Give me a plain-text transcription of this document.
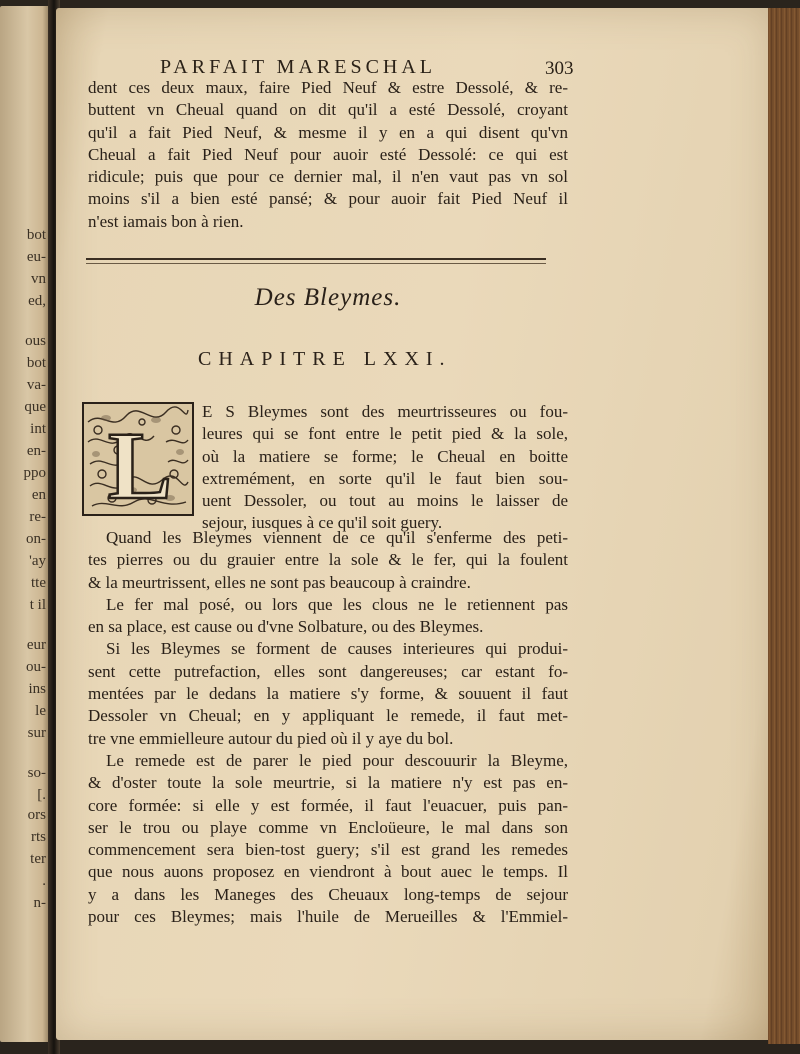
bot
eu-
vn
ed,
ous
bot
va-
que
int
en-
ppo
en
re-
on-
'ay
tte
t il
eur
ou-
ins
le
sur
so-
[.
ors
rts
ter
.
n-
PARFAIT MARESCHAL	303
dent ces deux maux, faire Pied Neuf & estre Dessolé, & re-
buttent vn Cheual quand on dit qu'il a esté Dessolé, croyant
qu'il a fait Pied Neuf, & mesme il y en a qui disent qu'vn
Cheual a fait Pied Neuf pour auoir esté Dessolé: ce qui est
ridicule; puis que pour ce dernier mal, il n'en vaut pas vn sol
moins s'il a bien esté pansé; & pour auoir fait Pied Neuf il
n'est iamais bon à rien.
Des Bleymes.
CHAPITRE LXXI.
L
E S Bleymes sont des meurtrisseures ou fou-
leures qui se font entre le petit pied & la sole,
où la matiere se forme; le Cheual en boitte
extremément, en sorte qu'il le faut bien sou-
uent Dessoler, ou tout au moins le laisser de
sejour, iusques à ce qu'il soit guery.
Quand les Bleymes viennent de ce qu'il s'enferme des peti-
tes pierres ou du grauier entre la sole & le fer, qui la foulent
& la meurtrissent, elles ne sont pas beaucoup à craindre.
Le fer mal posé, ou lors que les clous ne le retiennent pas
en sa place, est cause ou d'vne Solbature, ou des Bleymes.
Si les Bleymes se forment de causes interieures qui produi-
sent cette putrefaction, elles sont dangereuses; car estant fo-
mentées par le dedans la matiere s'y forme, & souuent il faut
Dessoler vn Cheual; en y appliquant le remede, il faut met-
tre vne emmielleure autour du pied où il y aye du bol.
Le remede est de parer le pied pour descouurir la Bleyme,
& d'oster toute la sole meurtrie, si la matiere n'y est pas en-
core formée: si elle y est formée, il faut l'euacuer, puis pan-
ser le trou ou playe comme vn Encloüeure, le mal dans son
commencement sera bien-tost guery; s'il est grand les remedes
que nous auons proposez en viendront à bout auec le temps. Il
y a dans les Maneges des Cheuaux long-temps de sejour
pour ces Bleymes; mais l'huile de Merueilles & l'Emmiel-
